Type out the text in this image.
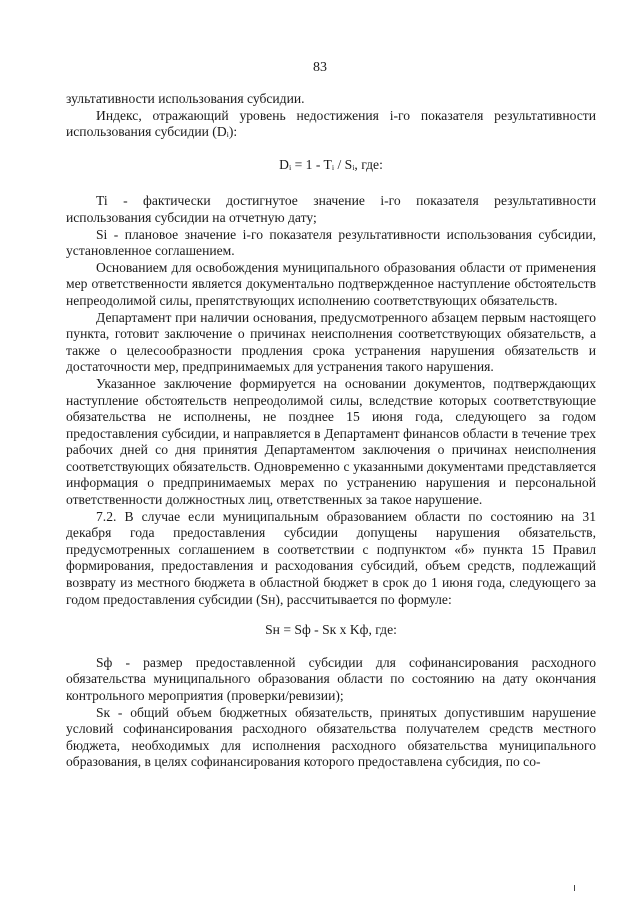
83

зультативности использования субсидии.

Индекс, отражающий уровень недостижения i-го показателя результативности использования субсидии (Dᵢ):

Dᵢ = 1 - Tᵢ / Sᵢ, где:

Ti - фактически достигнутое значение i-го показателя результативности использования субсидии на отчетную дату;

Si - плановое значение i-го показателя результативности использования субсидии, установленное соглашением.

Основанием для освобождения муниципального образования области от применения мер ответственности является документально подтвержденное наступление обстоятельств непреодолимой силы, препятствующих исполнению соответствующих обязательств.

Департамент при наличии основания, предусмотренного абзацем первым настоящего пункта, готовит заключение о причинах неисполнения соответствующих обязательств, а также о целесообразности продления срока устранения нарушения обязательств и достаточности мер, предпринимаемых для устранения такого нарушения.

Указанное заключение формируется на основании документов, подтверждающих наступление обстоятельств непреодолимой силы, вследствие которых соответствующие обязательства не исполнены, не позднее 15 июня года, следующего за годом предоставления субсидии, и направляется в Департамент финансов области в течение трех рабочих дней со дня принятия Департаментом заключения о причинах неисполнения соответствующих обязательств. Одновременно с указанными документами представляется информация о предпринимаемых мерах по устранению нарушения и персональной ответственности должностных лиц, ответственных за такое нарушение.

7.2. В случае если муниципальным образованием области по состоянию на 31 декабря года предоставления субсидии допущены нарушения обязательств, предусмотренных соглашением в соответствии с подпунктом «б» пункта 15 Правил формирования, предоставления и расходования субсидий, объем средств, подлежащий возврату из местного бюджета в областной бюджет в срок до 1 июня года, следующего за годом предоставления субсидии (Sн), рассчитывается по формуле:

Sн = Sф - Sк x Kф, где:

Sф - размер предоставленной субсидии для софинансирования расходного обязательства муниципального образования области по состоянию на дату окончания контрольного мероприятия (проверки/ревизии);

Sк - общий объем бюджетных обязательств, принятых допустившим нарушение условий софинансирования расходного обязательства получателем средств местного бюджета, необходимых для исполнения расходного обязательства муниципального образования, в целях софинансирования которого предоставлена субсидия, по со-
